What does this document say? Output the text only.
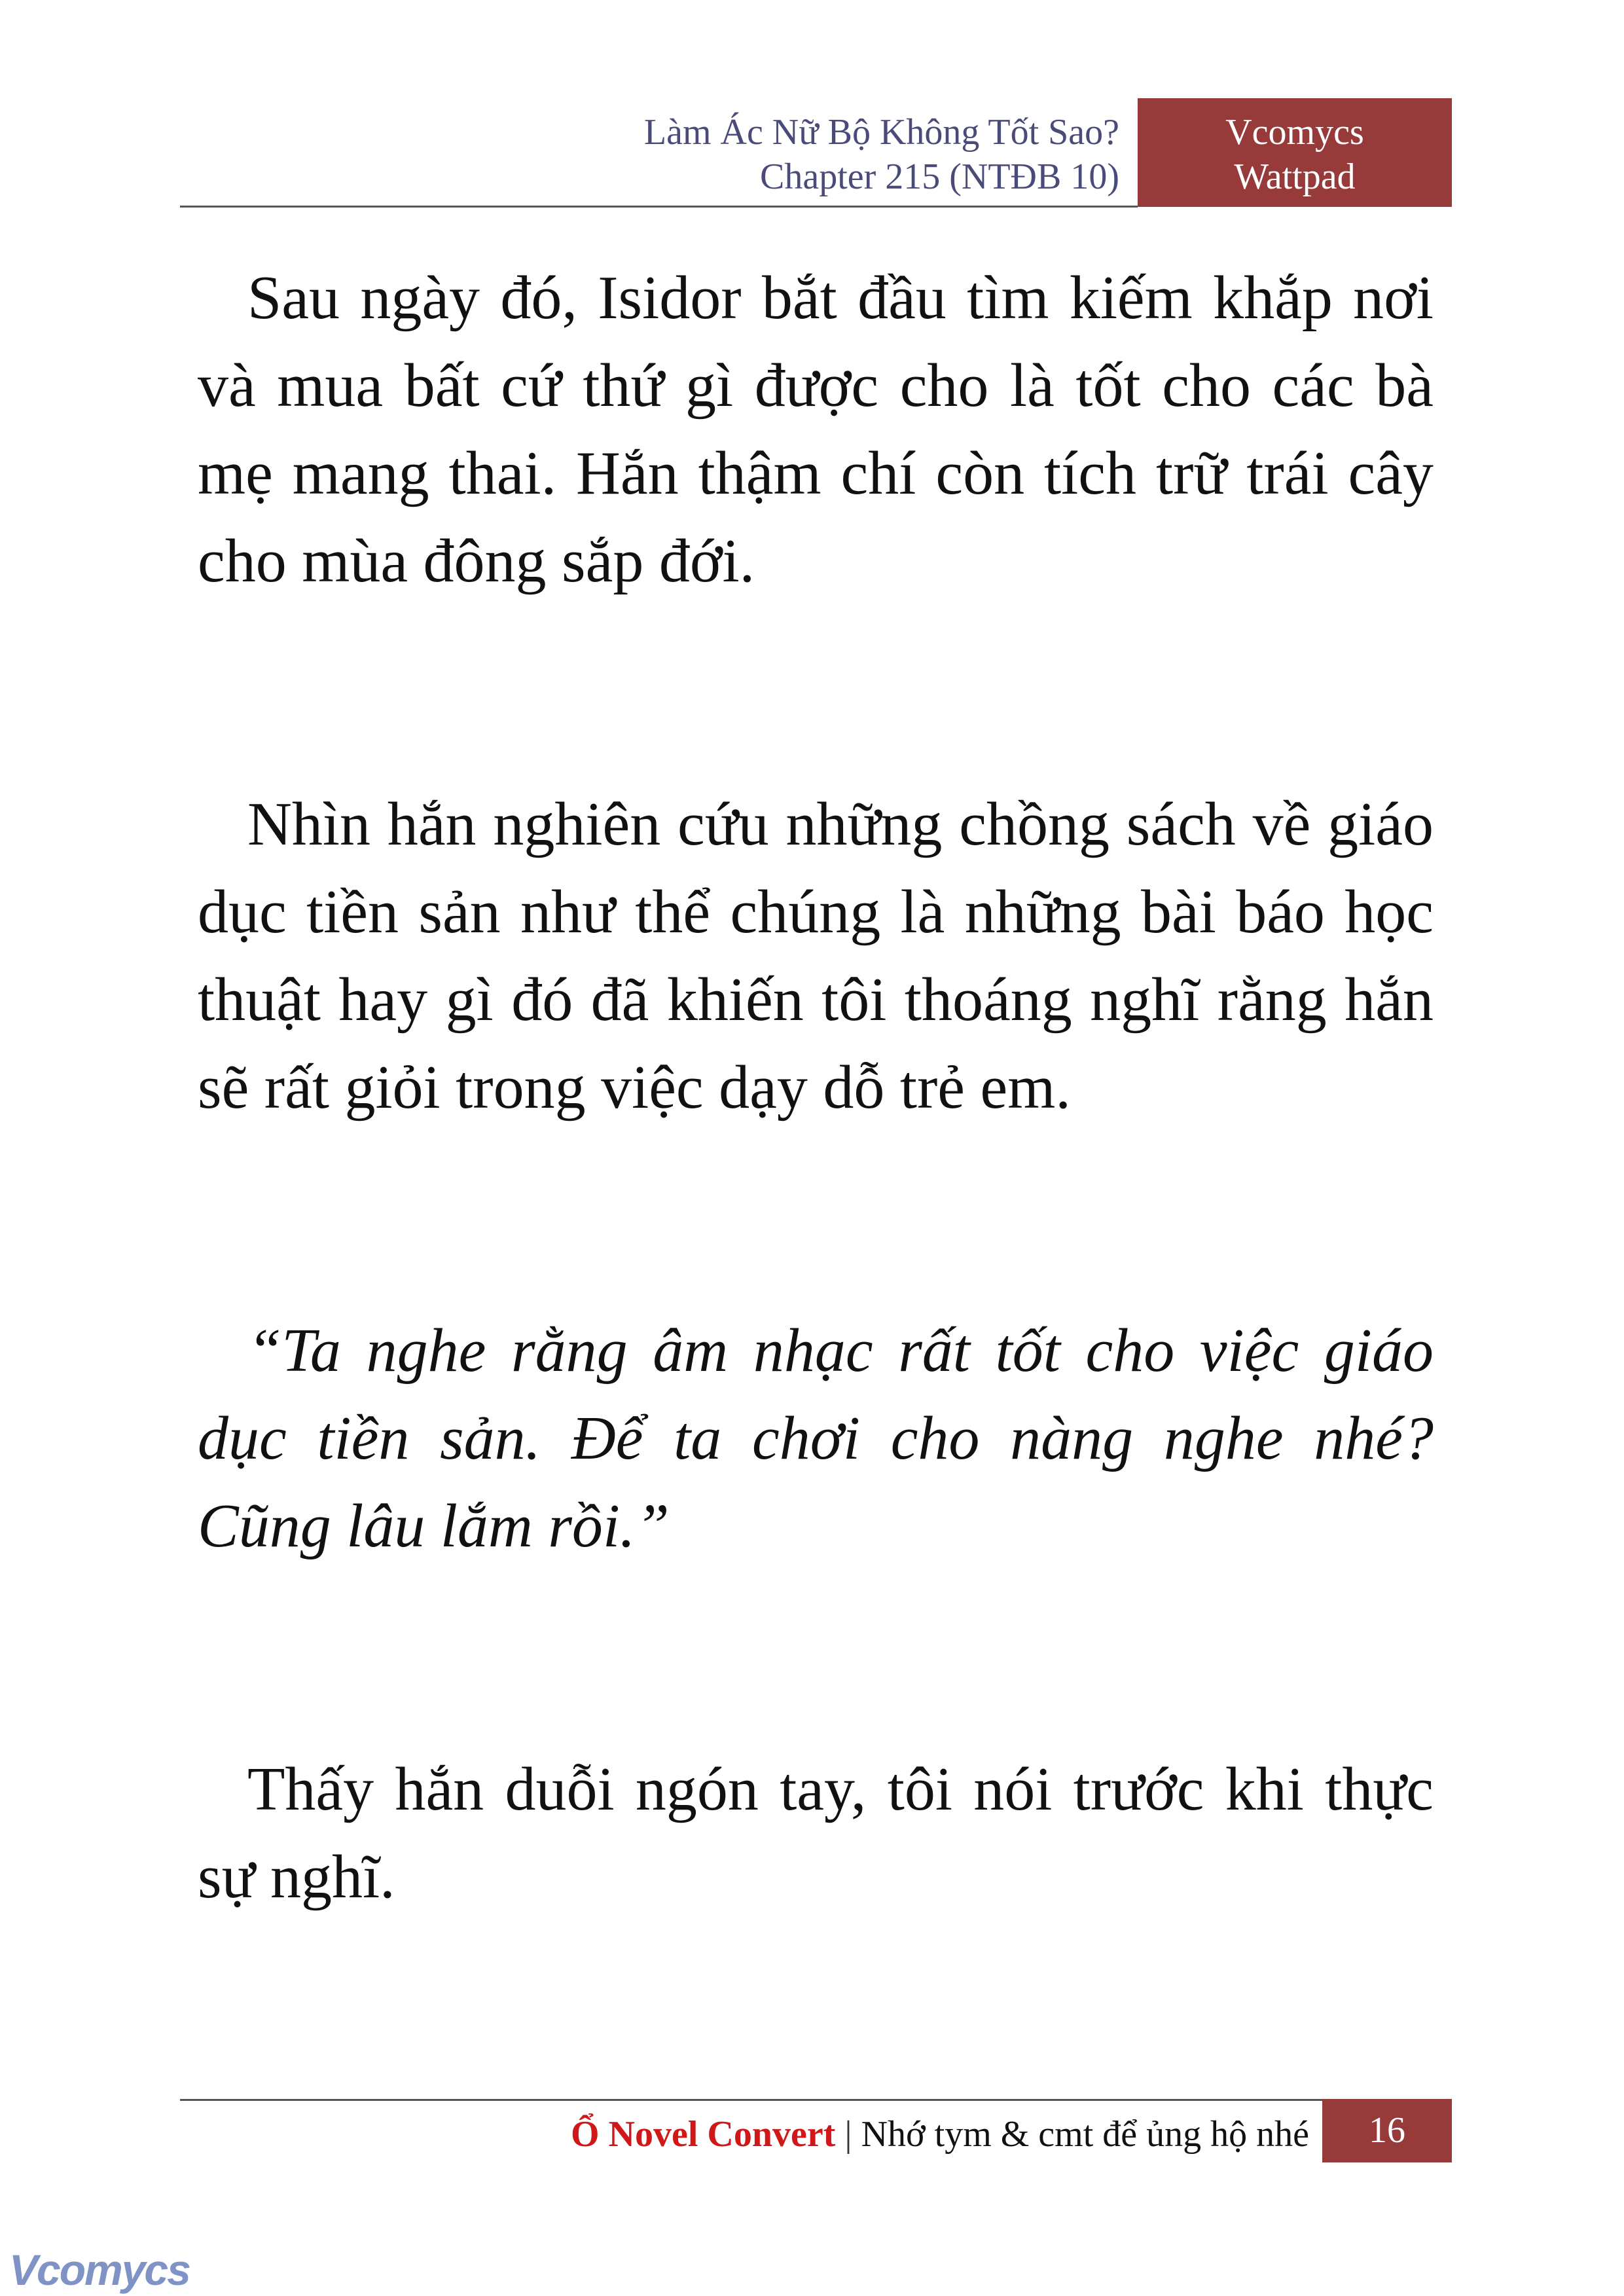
Làm Ác Nữ Bộ Không Tốt Sao?
Chapter 215 (NTĐB 10)
Vcomycs
Wattpad

Sau ngày đó, Isidor bắt đầu tìm kiếm khắp nơi và mua bất cứ thứ gì được cho là tốt cho các bà mẹ mang thai. Hắn thậm chí còn tích trữ trái cây cho mùa đông sắp đới.

Nhìn hắn nghiên cứu những chồng sách về giáo dục tiền sản như thể chúng là những bài báo học thuật hay gì đó đã khiến tôi thoáng nghĩ rằng hắn sẽ rất giỏi trong việc dạy dỗ trẻ em.

“Ta nghe rằng âm nhạc rất tốt cho việc giáo dục tiền sản. Để ta chơi cho nàng nghe nhé? Cũng lâu lắm rồi.”

Thấy hắn duỗi ngón tay, tôi nói trước khi thực sự nghĩ.

Ổ Novel Convert | Nhớ tym & cmt để ủng hộ nhé	16
Vcomycs
